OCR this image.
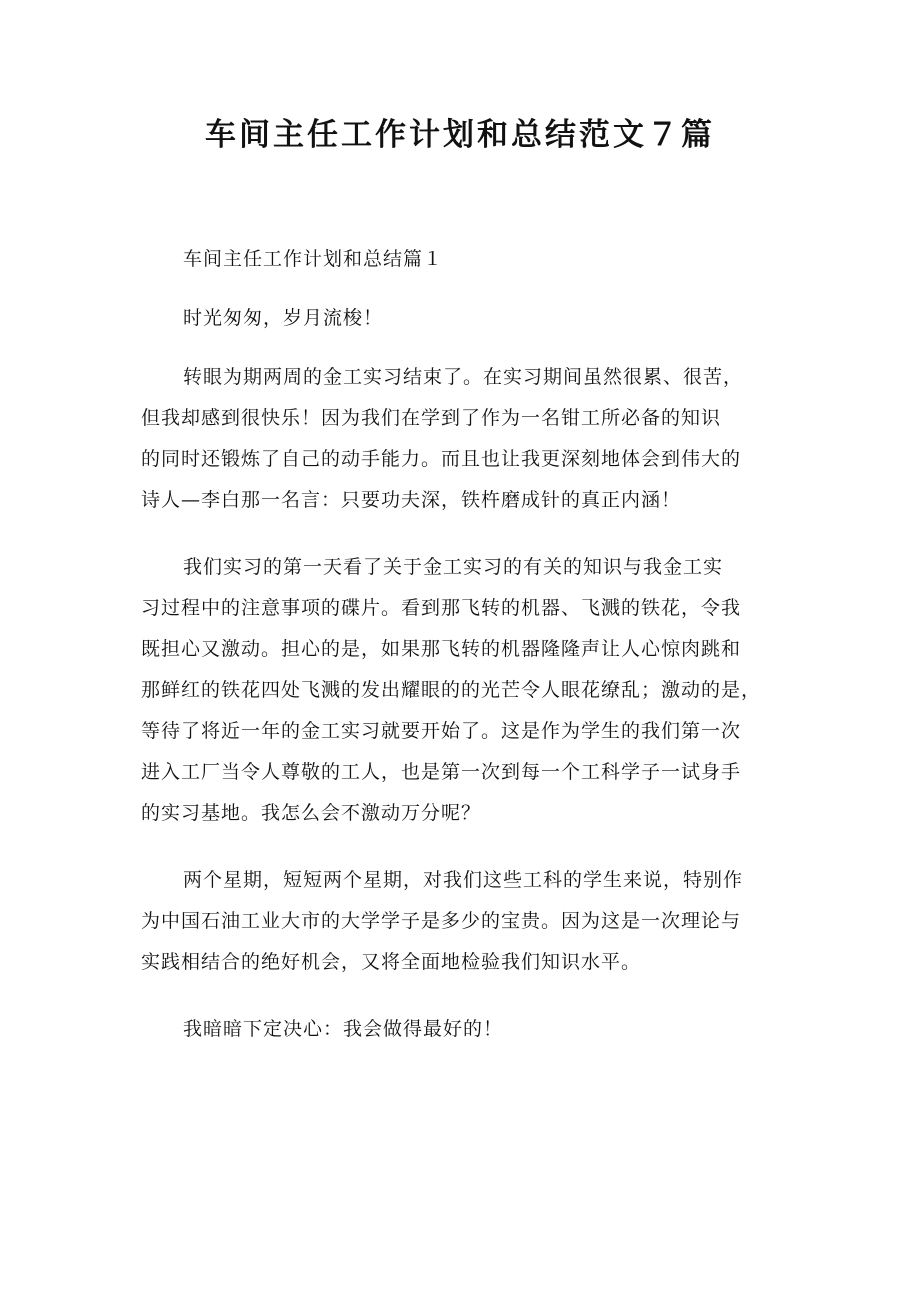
车间主任工作计划和总结范文７篇
车间主任工作计划和总结篇１
时光匆匆，岁月流梭！
转眼为期两周的金工实习结束了。在实习期间虽然很累、很苦，
但我却感到很快乐！因为我们在学到了作为一名钳工所必备的知识
的同时还锻炼了自己的动手能力。而且也让我更深刻地体会到伟大的
诗人—李白那一名言：只要功夫深，铁杵磨成针的真正内涵！
我们实习的第一天看了关于金工实习的有关的知识与我金工实
习过程中的注意事项的碟片。看到那飞转的机器、飞溅的铁花，令我
既担心又激动。担心的是，如果那飞转的机器隆隆声让人心惊肉跳和
那鲜红的铁花四处飞溅的发出耀眼的的光芒令人眼花缭乱；激动的是，
等待了将近一年的金工实习就要开始了。这是作为学生的我们第一次
进入工厂当令人尊敬的工人，也是第一次到每一个工科学子一试身手
的实习基地。我怎么会不激动万分呢？
两个星期，短短两个星期，对我们这些工科的学生来说，特别作
为中国石油工业大市的大学学子是多少的宝贵。因为这是一次理论与
实践相结合的绝好机会，又将全面地检验我们知识水平。
我暗暗下定决心：我会做得最好的！
